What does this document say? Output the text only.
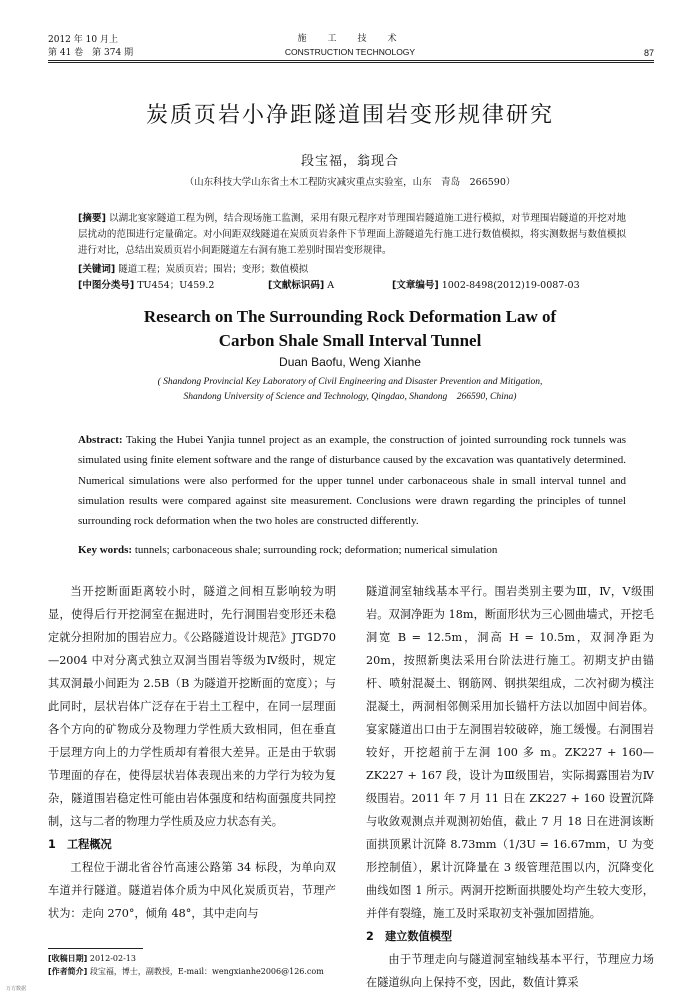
2012 年 10 月上
第 41 卷　第 374 期
施　工　技　术
CONSTRUCTION TECHNOLOGY	87
炭质页岩小净距隧道围岩变形规律研究
段宝福，翁现合
（山东科技大学山东省土木工程防灾减灾重点实验室，山东　青岛　266590）
[摘要] 以湖北宴家隧道工程为例，结合现场施工监测，采用有限元程序对节理围岩隧道施工进行模拟，对节理围岩隧道的开挖对地层扰动的范围进行定量确定。对小间距双线隧道在炭质页岩条件下节理面上游隧道先行施工进行数值模拟，将实测数据与数值模拟进行对比，总结出炭质页岩小间距隧道左右洞有施工差别时围岩变形规律。
[关键词] 隧道工程；炭质页岩；围岩；变形；数值模拟
[中图分类号] TU454；U459.2	[文献标识码] A	[文章编号] 1002-8498(2012)19-0087-03
Research on The Surrounding Rock Deformation Law of
Carbon Shale Small Interval Tunnel
Duan Baofu, Weng Xianhe
( Shandong Provincial Key Laboratory of Civil Engineering and Disaster Prevention and Mitigation,
Shandong University of Science and Technology, Qingdao, Shandong　266590, China)
Abstract: Taking the Hubei Yanjia tunnel project as an example, the construction of jointed surrounding rock tunnels was simulated using finite element software and the range of disturbance caused by the excavation was quantatively determined. Numerical simulations were also performed for the upper tunnel under carbonaceous shale in small interval tunnel and simulation results were compared against site measurement. Conclusions were drawn regarding the principles of tunnel surrounding rock deformation when the two holes are constructed differently.
Key words: tunnels; carbonaceous shale; surrounding rock; deformation; numerical simulation

当开挖断面距离较小时，隧道之间相互影响较为明显，使得后行开挖洞室在掘进时，先行洞围岩变形还未稳定就分担附加的围岩应力。《公路隧道设计规范》JTGD70—2004 中对分离式独立双洞当围岩等级为Ⅳ级时，规定其双洞最小间距为 2.5B（B 为隧道开挖断面的宽度）；与此同时，层状岩体广泛存在于岩土工程中，在同一层理面各个方向的矿物成分及物理力学性质大致相同，但在垂直于层理方向上的力学性质却有着很大差异。正是由于软弱节理面的存在，使得层状岩体表现出来的力学行为较为复杂，隧道围岩稳定性可能由岩体强度和结构面强度共同控制，这与二者的物理力学性质及应力状态有关。

1　工程概况

工程位于湖北省谷竹高速公路第 34 标段，为单向双车道并行隧道。隧道岩体介质为中风化炭质页岩，节理产状为：走向 270°，倾角 48°，其中走向与

隧道洞室轴线基本平行。围岩类别主要为Ⅲ，Ⅳ，Ⅴ级围岩。双洞净距为 18m，断面形状为三心圆曲墙式，开挖毛洞宽 B = 12.5m，洞高 H = 10.5m，双洞净距为 20m，按照新奥法采用台阶法进行施工。初期支护由锚杆、喷射混凝土、钢筋网、钢拱架组成，二次衬砌为模注混凝土，两洞相邻侧采用加长锚杆方法以加固中间岩体。宴家隧道出口由于左洞围岩较破碎，施工缓慢。右洞围岩较好，开挖超前于左洞 100 多 m。ZK227 + 160—ZK227 + 167 段，设计为Ⅲ级围岩，实际揭露围岩为Ⅳ级围岩。2011 年 7 月 11 日在 ZK227 + 160 设置沉降与收敛观测点并观测初始值，截止 7 月 18 日在进洞该断面拱顶累计沉降 8.73mm（1/3U = 16.67mm，U 为变形控制值），累计沉降量在 3 级管理范围以内，沉降变化曲线如图 1 所示。两洞开挖断面拱腰处均产生较大变形，并伴有裂缝，施工及时采取初支补强加固措施。

2　建立数值模型

由于节理走向与隧道洞室轴线基本平行，节理应力场在隧道纵向上保持不变，因此，数值计算采

[收稿日期] 2012-02-13
[作者简介] 段宝福，博士，副教授，E-mail：wengxianhe2006@126.com
万方数据
